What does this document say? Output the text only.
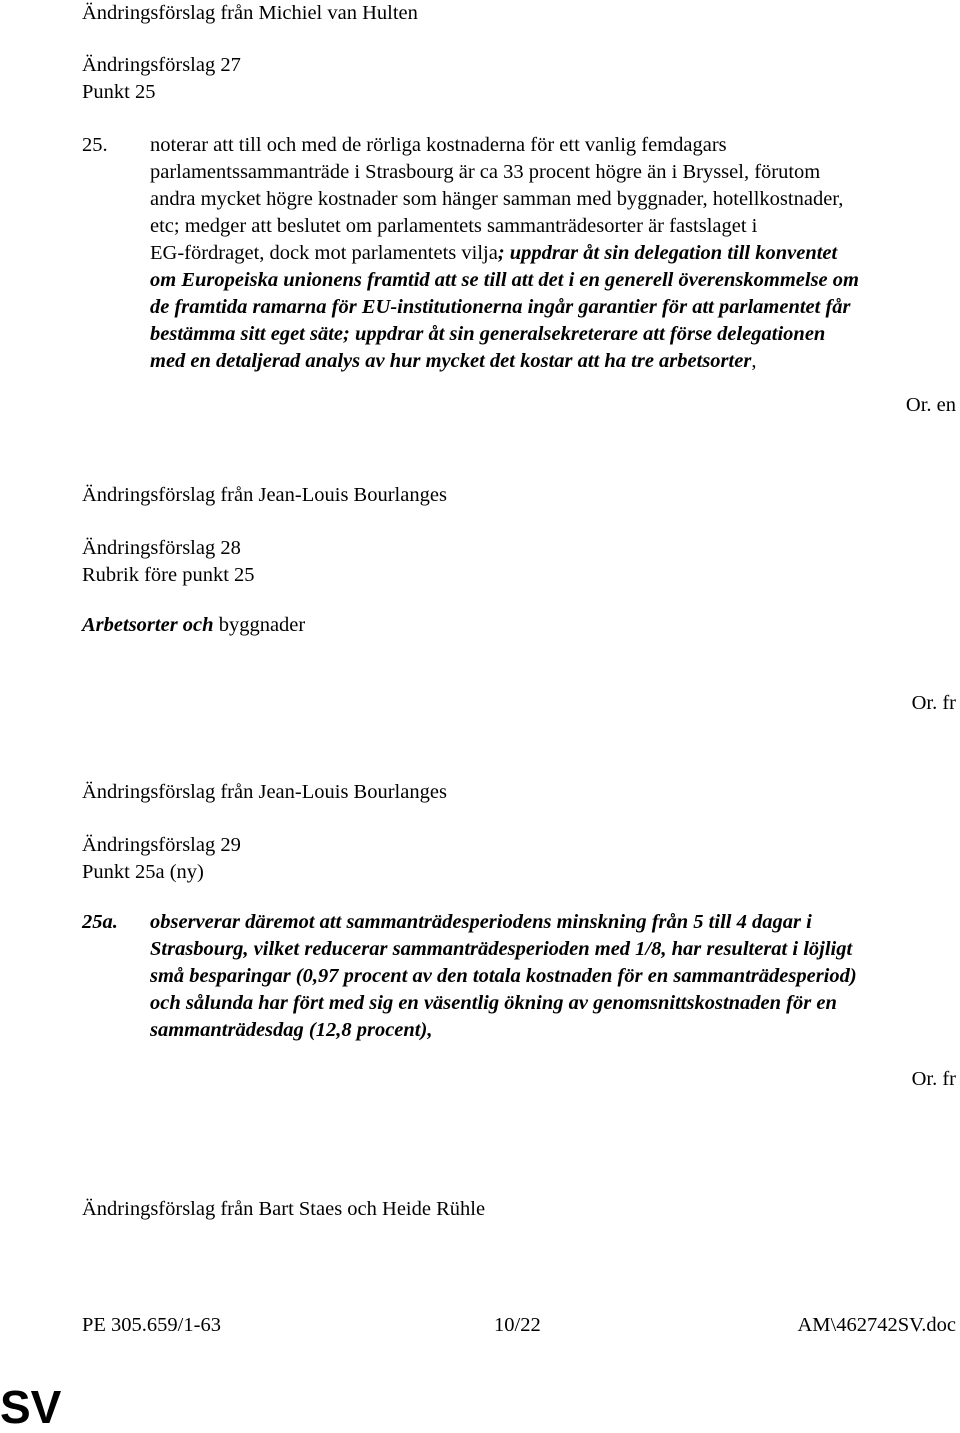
Ändringsförslag från Michiel van Hulten
Ändringsförslag 27
Punkt 25
25. noterar att till och med de rörliga kostnaderna för ett vanlig femdagars
parlamentssammanträde i Strasbourg är ca 33 procent högre än i Bryssel, förutom
andra mycket högre kostnader som hänger samman med byggnader, hotellkostnader,
etc; medger att beslutet om parlamentets sammanträdesorter är fastslaget i
EG-fördraget, dock mot parlamentets vilja; uppdrar åt sin delegation till konventet
om Europeiska unionens framtid att se till att det i en generell överenskommelse om
de framtida ramarna för EU-institutionerna ingår garantier för att parlamentet får
bestämma sitt eget säte; uppdrar åt sin generalsekreterare att förse delegationen
med en detaljerad analys av hur mycket det kostar att ha tre arbetsorter,
Or. en
Ändringsförslag från Jean-Louis Bourlanges
Ändringsförslag 28
Rubrik före punkt 25
Arbetsorter och byggnader
Or. fr
Ändringsförslag från Jean-Louis Bourlanges
Ändringsförslag 29
Punkt 25a (ny)
25a. observerar däremot att sammanträdesperiodens minskning från 5 till 4 dagar i
Strasbourg, vilket reducerar sammanträdesperioden med 1/8, har resulterat i löjligt
små besparingar (0,97 procent av den totala kostnaden för en sammanträdesperiod)
och sålunda har fört med sig en väsentlig ökning av genomsnittskostnaden för en
sammanträdesdag (12,8 procent),
Or. fr
Ändringsförslag från Bart Staes och Heide Rühle
PE 305.659/1-63	10/22	AM\462742SV.doc
SV
